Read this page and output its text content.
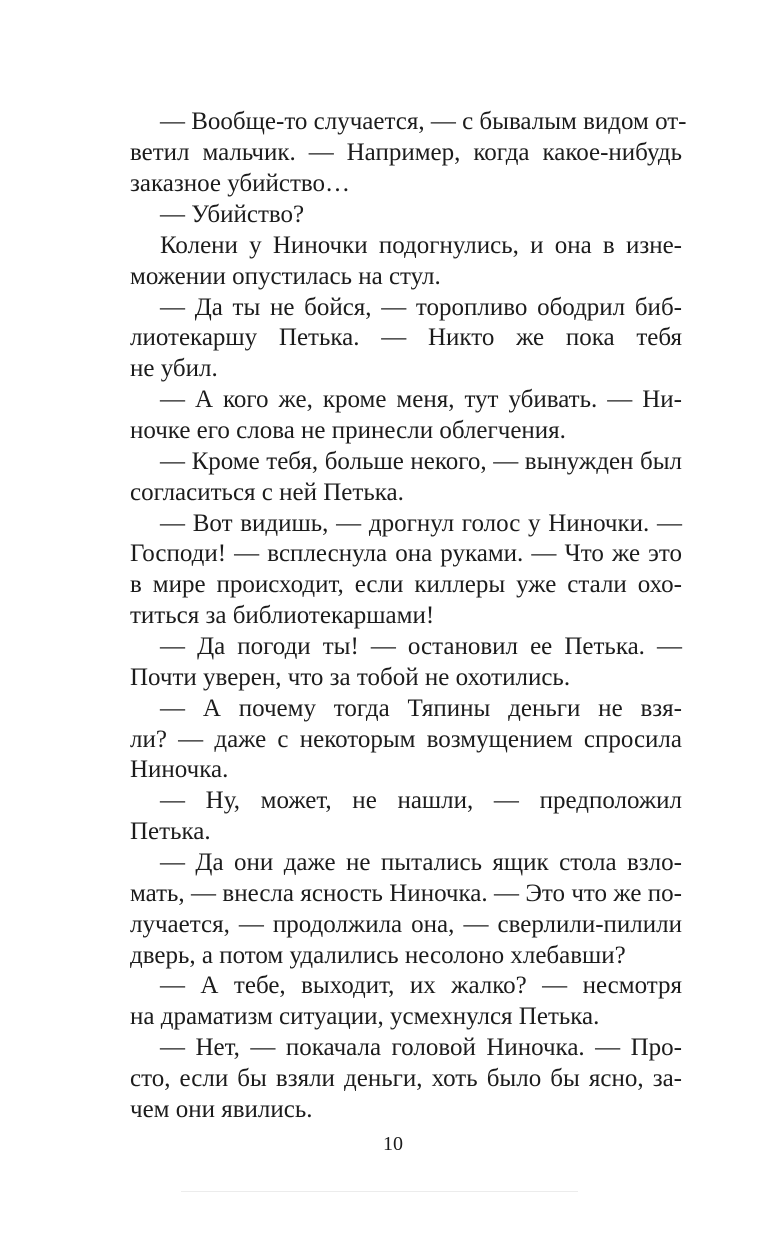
— Вообще-то случается, — с бывалым видом от-
ветил мальчик. — Например, когда какое-нибудь
заказное убийство…
— Убийство?
Колени у Ниночки подогнулись, и она в изне-
можении опустилась на стул.
— Да ты не бойся, — торопливо ободрил биб-
лиотекаршу Петька. — Никто же пока тебя
не убил.
— А кого же, кроме меня, тут убивать. — Ни-
ночке его слова не принесли облегчения.
— Кроме тебя, больше некого, — вынужден был
согласиться с ней Петька.
— Вот видишь, — дрогнул голос у Ниночки. —
Господи! — всплеснула она руками. — Что же это
в мире происходит, если киллеры уже стали охо-
титься за библиотекаршами!
— Да погоди ты! — остановил ее Петька. —
Почти уверен, что за тобой не охотились.
— А почему тогда Тяпины деньги не взя-
ли? — даже с некоторым возмущением спросила
Ниночка.
— Ну, может, не нашли, — предположил
Петька.
— Да они даже не пытались ящик стола взло-
мать, — внесла ясность Ниночка. — Это что же по-
лучается, — продолжила она, — сверлили-пилили
дверь, а потом удалились несолоно хлебавши?
— А тебе, выходит, их жалко? — несмотря
на драматизм ситуации, усмехнулся Петька.
— Нет, — покачала головой Ниночка. — Про-
сто, если бы взяли деньги, хоть было бы ясно, за-
чем они явились.
10
